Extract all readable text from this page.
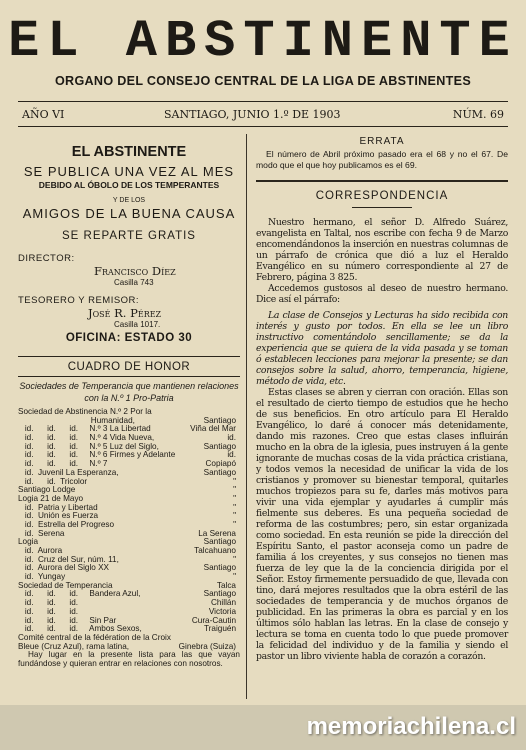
EL ABSTINENTE
ORGANO DEL CONSEJO CENTRAL DE LA LIGA DE ABSTINENTES
AÑO VI	SANTIAGO, JUNIO 1.º DE 1903	NÚM. 69
EL ABSTINENTE
SE PUBLICA UNA VEZ AL MES
DEBIDO AL ÓBOLO DE LOS TEMPERANTES
Y DE LOS
AMIGOS DE LA BUENA CAUSA
SE REPARTE GRATIS
DIRECTOR:
Francisco Díez
Casilla 743
TESORERO Y REMISOR:
José R. Pérez
Casilla 1017.
OFICINA: ESTADO 30
CUADRO DE HONOR
Sociedades de Temperancia que mantienen relaciones con la N.º 1 Pro-Patria
Sociedad de Abstinencia N.º 2 Por la
Humanidad,	Santiago
id.      id.      id.     N.º 3 La Libertad	Viña del Mar
id.      id.      id.     N.º 4 Vida Nueva,	id.
id.      id.      id.     N.º 5 Luz del Siglo,	Santiago
id.      id.      id.     N.º 6 Firmes y Adelante	id.
id.      id.      id.     N.º 7	Copiapó
id.  Juvenil La Esperanza,	Santiago
id.      id.  Tricolor	"
Santiago Lodge	"
Logia 21 de Mayo	"
id.  Patria y Libertad	"
id.  Unión es Fuerza	"
id.  Estrella del Progreso	"
id.  Serena	La Serena
Logia	Santiago
id.  Aurora	Talcahuano
id.  Cruz del Sur, núm. 11,	"
id.  Aurora del Siglo XX	Santiago
id.  Yungay	"
Sociedad de Temperancia	Talca
id.      id.      id.     Bandera Azul,	Santiago
id.      id.      id.	Chillán
id.      id.      id.	Victoria
id.      id.      id.     Sin Par	Cura-Cautin
id.      id.      id.     Ambos Sexos,	Traiguén
Comité central de la fédération de la Croix
Bleue (Cruz Azul), rama latina,	Ginebra (Suiza)
Hay lugar en la presente lista para las que vayan fundándose y quieran entrar en relaciones con nosotros.
ERRATA
El número de Abril próximo pasado era el 68 y no el 67. De modo que el que hoy publicamos es el 69.
CORRESPONDENCIA

Nuestro hermano, el señor D. Alfredo Suárez, evangelista en Taltal, nos escribe con fecha 9 de Marzo encomendándonos la inserción en nuestras columnas de un párrafo de crónica que dió a luz el Heraldo Evangélico en su número correspondiente al 27 de Febrero, página 3 825.

Accedemos gustosos al deseo de nuestro hermano. Dice así el párrafo:

La clase de Consejos y Lecturas ha sido recibida con interés y gusto por todos. En ella se lee un libro instructivo comentándolo sencillamente; se da la experiencia que se quiera de la vida pasada y se toman ó establecen lecciones para mejorar la presente; se dan consejos sobre la salud, ahorro, temperancia, higiene, método de vida, etc.

Estas clases se abren y cierran con oración. Ellas son el resultado de cierto tiempo de estudios que he hecho de sus beneficios. En otro artículo para El Heraldo Evangélico, lo daré á conocer más detenidamente, dando mis razones. Creo que estas clases influirán mucho en la obra de la iglesia, pues instruyen á la gente ignorante de muchas cosas de la vida práctica cristiana, y todos vemos la necesidad de unificar la vida de los cristianos y promover su bienestar temporal, quitarles muchos tropiezos para su fe, darles más motivos para vivir una vida ejemplar y ayudarles á cumplir más fielmente sus deberes. Es una pequeña sociedad de reforma de las costumbres; pero, sin estar organizada como sociedad. En esta reunión se pide la dirección del Espíritu Santo, el pastor aconseja como un padre de familia á los creyentes, y sus consejos no tienen mas fuerza de ley que la de la conciencia dirigida por el Señor. Estoy firmemente persuadido de que, llevada con tino, dará mejores resultados que la obra estéril de las sociedades de temperancia y de muchos órganos de publicidad. En las primeras la obra es parcial y en los últimos sólo hablan las letras. En la clase de consejo y lectura se toma en cuenta todo lo que puede promover la felicidad del individuo y de la familia y siendo el pastor un libro viviente habla de corazón a corazón.

memoriachilena.cl
